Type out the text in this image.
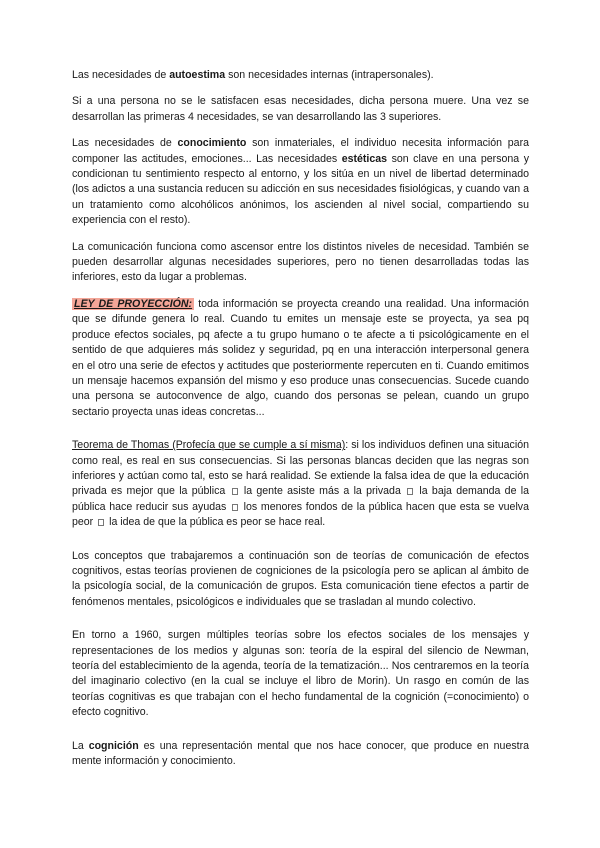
Las necesidades de autoestima son necesidades internas (intrapersonales).

Si a una persona no se le satisfacen esas necesidades, dicha persona muere. Una vez se desarrollan las primeras 4 necesidades, se van desarrollando las 3 superiores.

Las necesidades de conocimiento son inmateriales, el individuo necesita información para componer las actitudes, emociones... Las necesidades estéticas son clave en una persona y condicionan tu sentimiento respecto al entorno, y los sitúa en un nivel de libertad determinado (los adictos a una sustancia reducen su adicción en sus necesidades fisiológicas, y cuando van a un tratamiento como alcohólicos anónimos, los ascienden al nivel social, compartiendo su experiencia con el resto).

La comunicación funciona como ascensor entre los distintos niveles de necesidad. También se pueden desarrollar algunas necesidades superiores, pero no tienen desarrolladas todas las inferiores, esto da lugar a problemas.

LEY DE PROYECCIÓN: toda información se proyecta creando una realidad. Una información que se difunde genera lo real. Cuando tu emites un mensaje este se proyecta, ya sea pq produce efectos sociales, pq afecte a tu grupo humano o te afecte a ti psicológicamente en el sentido de que adquieres más solidez y seguridad, pq en una interacción interpersonal genera en el otro una serie de efectos y actitudes que posteriormente repercuten en ti. Cuando emitimos un mensaje hacemos expansión del mismo y eso produce unas consecuencias. Sucede cuando una persona se autoconvence de algo, cuando dos personas se pelean, cuando un grupo sectario proyecta unas ideas concretas...

Teorema de Thomas (Profecía que se cumple a sí misma): si los individuos definen una situación como real, es real en sus consecuencias. Si las personas blancas deciden que las negras son inferiores y actúan como tal, esto se hará realidad. Se extiende la falsa idea de que la educación privada es mejor que la pública  la gente asiste más a la privada  la baja demanda de la pública hace reducir sus ayudas  los menores fondos de la pública hacen que esta se vuelva peor  la idea de que la pública es peor se hace real.

Los conceptos que trabajaremos a continuación son de teorías de comunicación de efectos cognitivos, estas teorías provienen de cogniciones de la psicología pero se aplican al ámbito de la psicología social, de la comunicación de grupos. Esta comunicación tiene efectos a partir de fenómenos mentales, psicológicos e individuales que se trasladan al mundo colectivo.

En torno a 1960, surgen múltiples teorías sobre los efectos sociales de los mensajes y representaciones de los medios y algunas son: teoría de la espiral del silencio de Newman, teoría del establecimiento de la agenda, teoría de la tematización... Nos centraremos en la teoría del imaginario colectivo (en la cual se incluye el libro de Morin). Un rasgo en común de las teorías cognitivas es que trabajan con el hecho fundamental de la cognición (=conocimiento) o efecto cognitivo.

La cognición es una representación mental que nos hace conocer, que produce en nuestra mente información y conocimiento.
